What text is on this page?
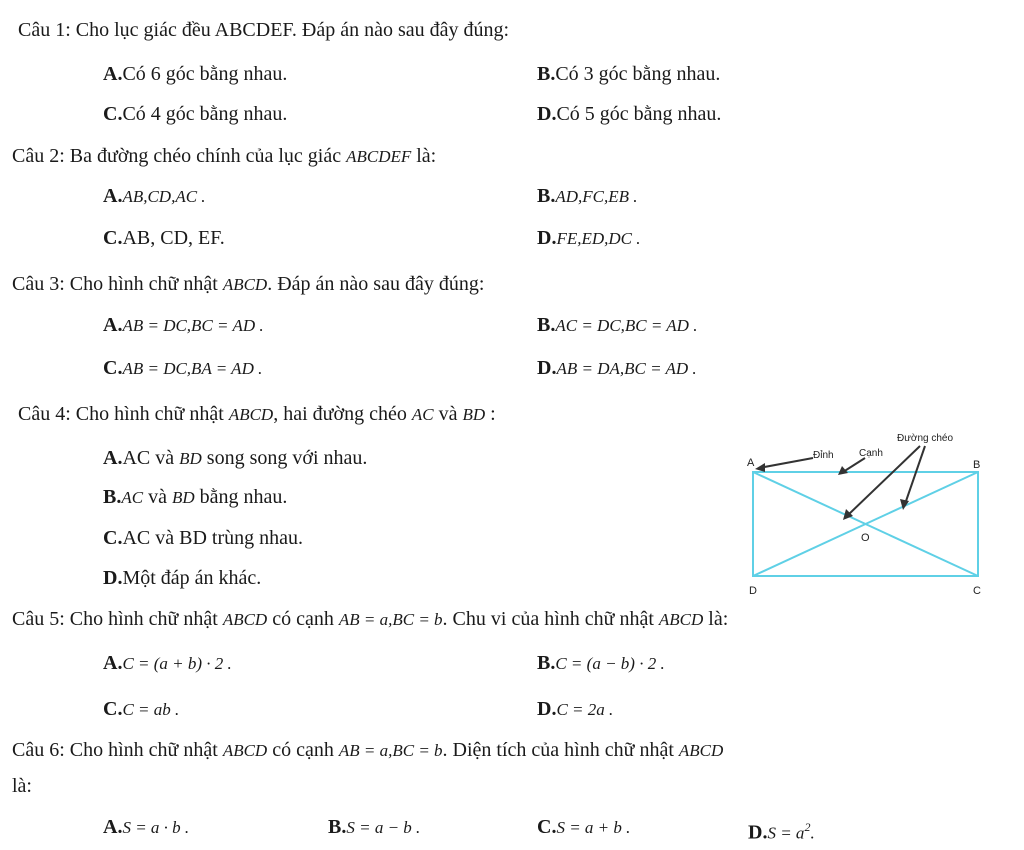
Câu 1: Cho lục giác đều ABCDEF. Đáp án nào sau đây đúng:
A.Có 6 góc bằng nhau.	B.Có 3 góc bằng nhau.
C.Có 4 góc bằng nhau.	D.Có 5 góc bằng nhau.
Câu 2: Ba đường chéo chính của lục giác ABCDEF là:
A.AB,CD,AC .	B.AD,FC,EB .
C.AB, CD, EF.	D.FE,ED,DC .
Câu 3: Cho hình chữ nhật ABCD. Đáp án nào sau đây đúng:
A.AB = DC,BC = AD .	B.AC = DC,BC = AD .
C.AB = DC,BA = AD .	D.AB = DA,BC = AD .
Câu 4: Cho hình chữ nhật ABCD, hai đường chéo AC và BD :
A.AC và BD song song với nhau.
B.AC và BD bằng nhau.
C.AC và BD trùng nhau.
D.Một đáp án khác.
Đường chéo
Đỉnh	Cạnh
A	B
C
D
O
Câu 5: Cho hình chữ nhật ABCD có cạnh AB = a,BC = b. Chu vi của hình chữ nhật ABCD là:
A.C = (a + b) · 2 .	B.C = (a − b) · 2 .
C.C = ab .	D.C = 2a .
Câu 6: Cho hình chữ nhật ABCD có cạnh AB = a,BC = b. Diện tích của hình chữ nhật ABCD
là:
A.S = a · b .	B.S = a − b .	C.S = a + b .	$D.S = a^2$.
